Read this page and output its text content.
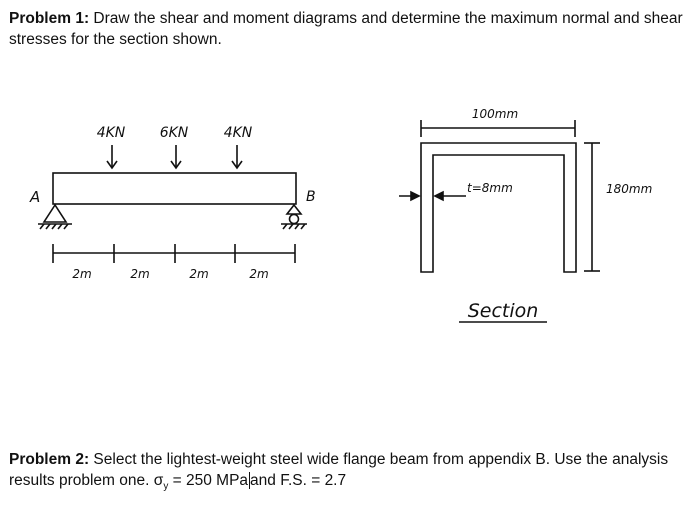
Problem 1: Draw the shear and moment diagrams and determine the maximum normal and shear stresses for the section shown.
4KN 6KN	4KN
A	B
2m	2m	2m	2m
100mm
180mm
t=8mm
Section
Problem 2: Select the lightest-weight steel wide flange beam from appendix B. Use the analysis results problem one. $\sigma_y = 250$ MPa and F.S. = 2.7
